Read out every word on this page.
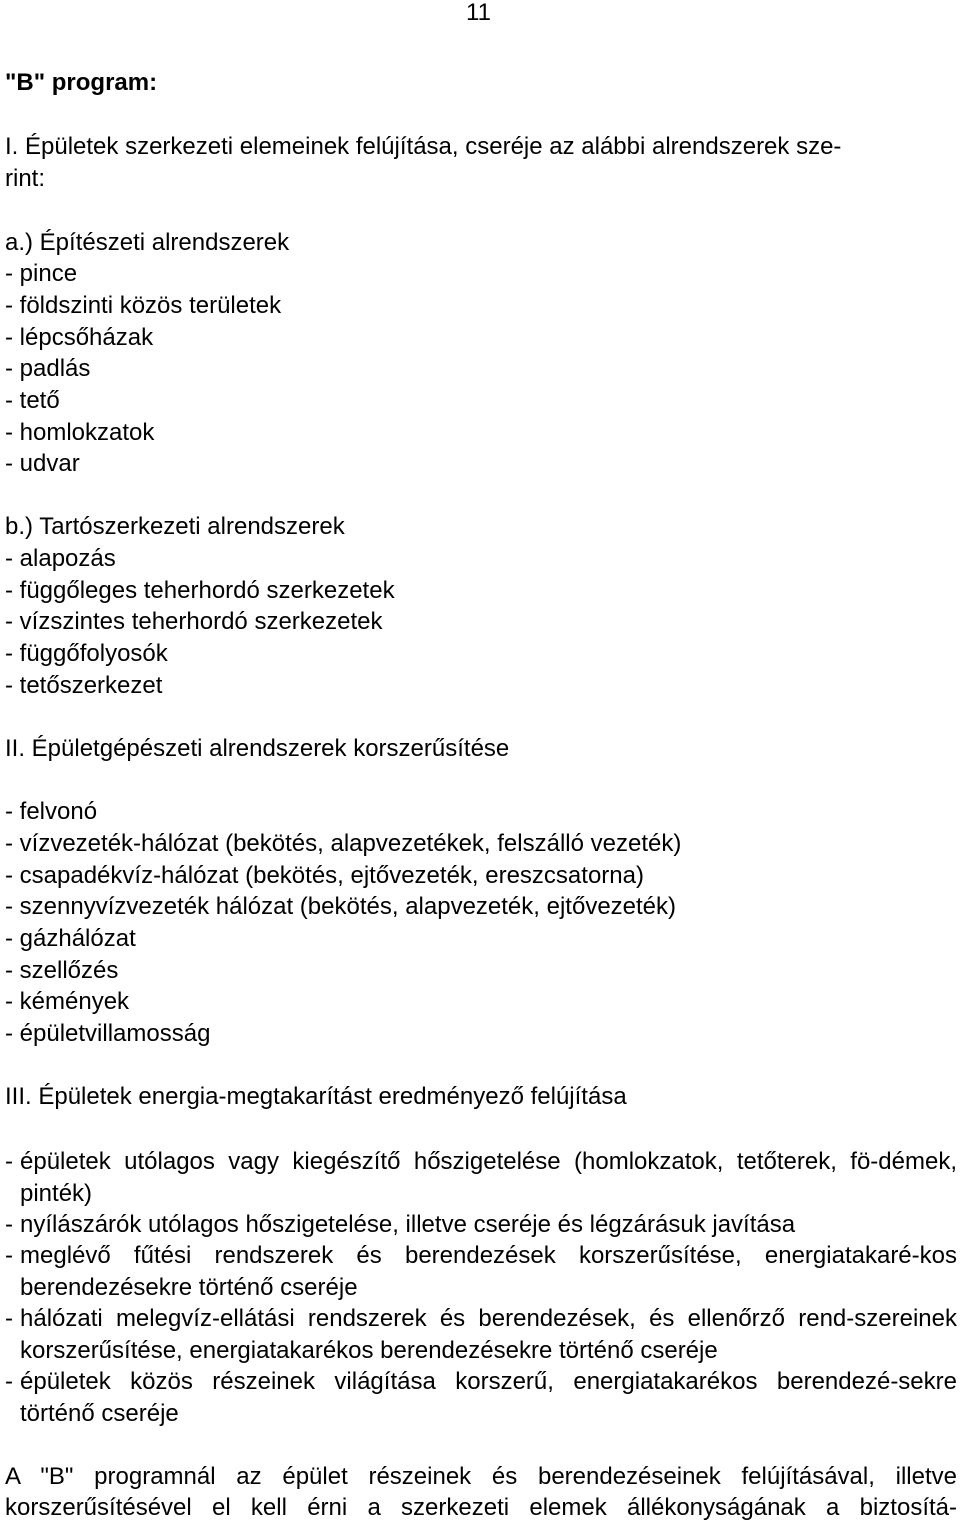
11
"B" program:
I. Épületek szerkezeti elemeinek felújítása, cseréje az alábbi alrendszerek sze-
rint:
a.) Építészeti alrendszerek
- pince
- földszinti közös területek
- lépcsőházak
- padlás
- tető
- homlokzatok
- udvar
b.) Tartószerkezeti alrendszerek
- alapozás
- függőleges teherhordó szerkezetek
- vízszintes teherhordó szerkezetek
- függőfolyosók
- tetőszerkezet
II. Épületgépészeti alrendszerek korszerűsítése
- felvonó
- vízvezeték-hálózat (bekötés, alapvezetékek, felszálló vezeték)
- csapadékvíz-hálózat (bekötés, ejtővezeték, ereszcsatorna)
- szennyvízvezeték hálózat (bekötés, alapvezeték, ejtővezeték)
- gázhálózat
- szellőzés
- kémények
- épületvillamosság
III. Épületek energia-megtakarítást eredményező felújítása
- épületek utólagos vagy kiegészítő hőszigetelése (homlokzatok, tetőterek, fö-démek, pinték)
- nyílászárók utólagos hőszigetelése, illetve cseréje és légzárásuk javítása
- meglévő fűtési rendszerek és berendezések korszerűsítése, energiatakaré-kos berendezésekre történő cseréje
- hálózati melegvíz-ellátási rendszerek és berendezések, és ellenőrző rend-szereinek korszerűsítése, energiatakarékos berendezésekre történő cseréje
- épületek közös részeinek világítása korszerű, energiatakarékos berendezé-sekre történő cseréje
A "B" programnál az épület részeinek és berendezéseinek felújításával, illetve
korszerűsítésével el kell érni a szerkezeti elemek állékonyságának a biztosítá-
